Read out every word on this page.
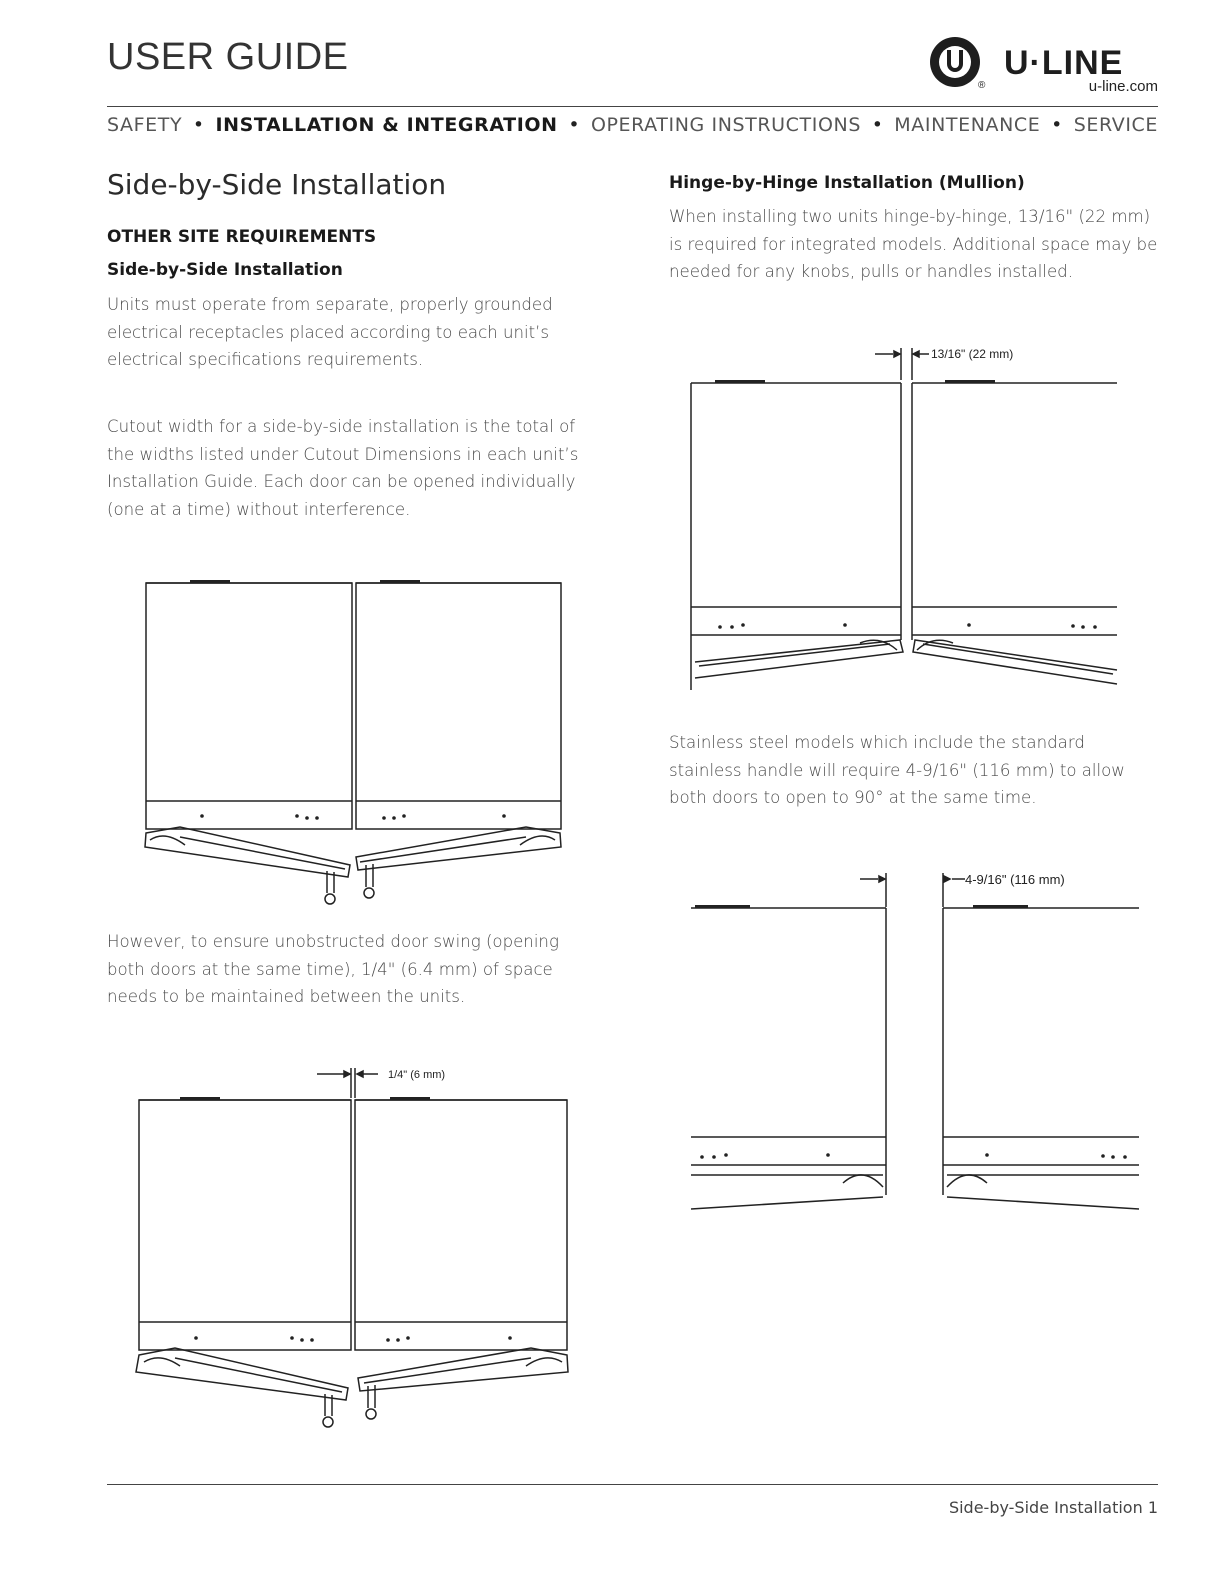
USER GUIDE
®
U·LINE
u-line.com
SAFETY • INSTALLATION & INTEGRATION • OPERATING INSTRUCTIONS • MAINTENANCE • SERVICE
Side-by-Side Installation
OTHER SITE REQUIREMENTS
Side-by-Side Installation

Units must operate from separate, properly grounded electrical receptacles placed according to each unit’s electrical specifications requirements.

Cutout width for a side-by-side installation is the total of the widths listed under Cutout Dimensions in each unit’s Installation Guide. Each door can be opened individually (one at a time) without interference.

However, to ensure unobstructed door swing (opening both doors at the same time), 1/4" (6.4 mm) of space needs to be maintained between the units.

1/4" (6 mm)
Hinge-by-Hinge Installation (Mullion)

When installing two units hinge-by-hinge, 13/16" (22 mm) is required for integrated models. Additional space may be needed for any knobs, pulls or handles installed.

13/16" (22 mm)

Stainless steel models which include the standard stainless handle will require 4-9/16" (116 mm) to allow both doors to open to 90° at the same time.

4-9/16" (116 mm)
Side-by-Side Installation 1
